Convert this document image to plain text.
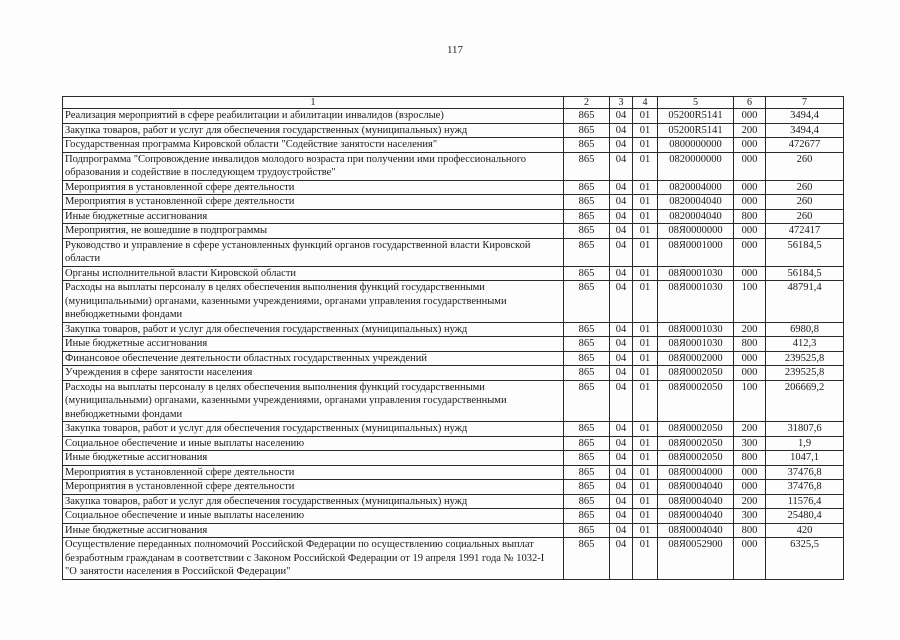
117
1	2	3	4	5	6	7
Реализация мероприятий в сфере реабилитации и абилитации инвалидов (взрослые)	865	04	01	05200R5141	000	3494,4
Закупка товаров, работ и услуг для обеспечения государственных (муниципальных) нужд	865	04	01	05200R5141	200	3494,4
Государственная программа Кировской области "Содействие занятости населения"	865	04	01	0800000000	000	472677
Подпрограмма "Сопровождение инвалидов молодого возраста при получении ими профессионального
образования и содействие в последующем трудоустройстве"	865	04	01	0820000000	000	260
Мероприятия в установленной сфере деятельности	865	04	01	0820004000	000	260
Мероприятия в установленной сфере деятельности	865	04	01	0820004040	000	260
Иные бюджетные ассигнования	865	04	01	0820004040	800	260
Мероприятия, не вошедшие в подпрограммы	865	04	01	08Я0000000	000	472417
Руководство и управление в сфере установленных функций органов государственной власти Кировской
области	865	04	01	08Я0001000	000	56184,5
Органы исполнительной власти Кировской области	865	04	01	08Я0001030	000	56184,5
Расходы на выплаты персоналу в целях обеспечения выполнения функций государственными
(муниципальными) органами, казенными учреждениями, органами управления государственными
внебюджетными фондами	865	04	01	08Я0001030	100	48791,4
Закупка товаров, работ и услуг для обеспечения государственных (муниципальных) нужд	865	04	01	08Я0001030	200	6980,8
Иные бюджетные ассигнования	865	04	01	08Я0001030	800	412,3
Финансовое обеспечение деятельности областных государственных учреждений	865	04	01	08Я0002000	000	239525,8
Учреждения в сфере занятости населения	865	04	01	08Я0002050	000	239525,8
Расходы на выплаты персоналу в целях обеспечения выполнения функций государственными
(муниципальными) органами, казенными учреждениями, органами управления государственными
внебюджетными фондами	865	04	01	08Я0002050	100	206669,2
Закупка товаров, работ и услуг для обеспечения государственных (муниципальных) нужд	865	04	01	08Я0002050	200	31807,6
Социальное обеспечение и иные выплаты населению	865	04	01	08Я0002050	300	1,9
Иные бюджетные ассигнования	865	04	01	08Я0002050	800	1047,1
Мероприятия в установленной сфере деятельности	865	04	01	08Я0004000	000	37476,8
Мероприятия в установленной сфере деятельности	865	04	01	08Я0004040	000	37476,8
Закупка товаров, работ и услуг для обеспечения государственных (муниципальных) нужд	865	04	01	08Я0004040	200	11576,4
Социальное обеспечение и иные выплаты населению	865	04	01	08Я0004040	300	25480,4
Иные бюджетные ассигнования	865	04	01	08Я0004040	800	420
Осуществление переданных полномочий Российской Федерации по осуществлению социальных выплат
безработным гражданам в соответствии с Законом Российской Федерации от 19 апреля 1991 года № 1032-I
"О занятости населения в Российской Федерации"	865	04	01	08Я0052900	000	6325,5
